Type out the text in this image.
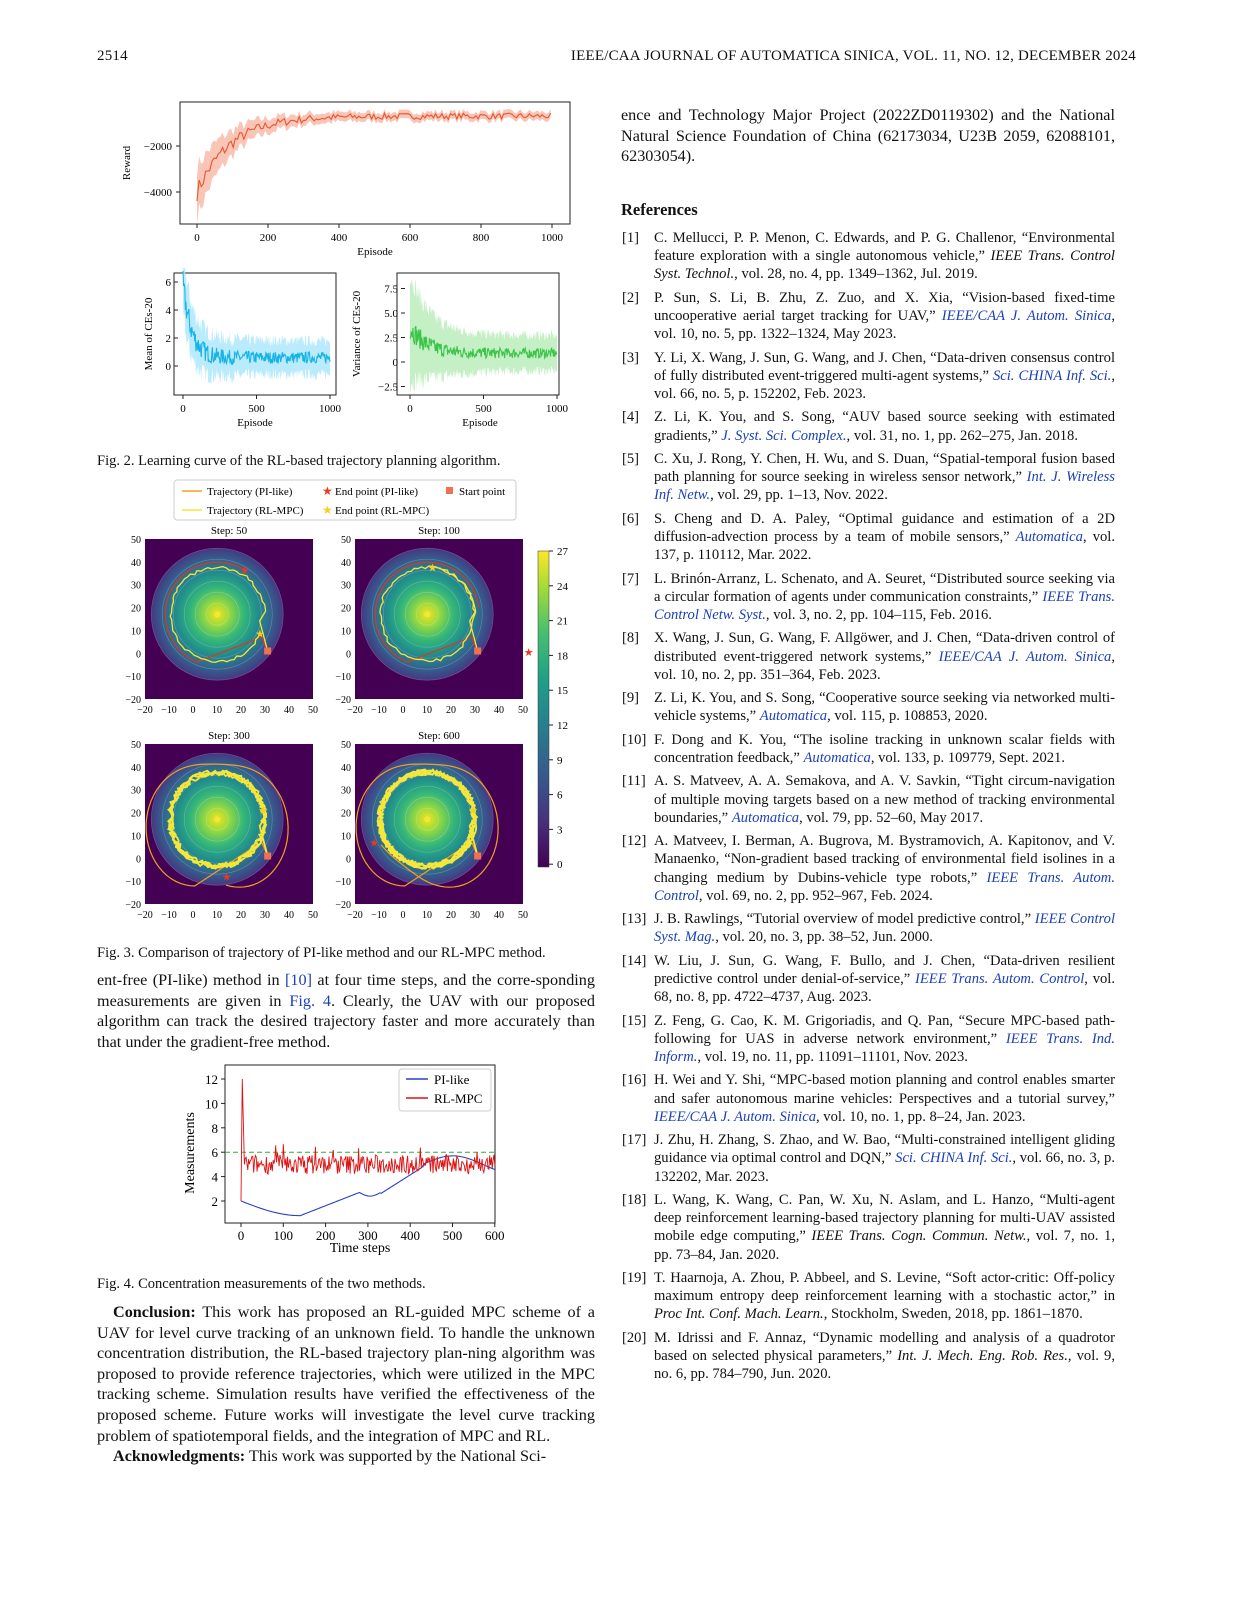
2514	IEEE/CAA JOURNAL OF AUTOMATICA SINICA, VOL. 11, NO. 12, DECEMBER 2024
−2000
−4000
0	200	400	600	800	1000
Episode
Reward
6
4
2
0
0	500	1000
Episode
Mean of CEs-20
7.5
5.0
2.5
0
−2.5
0	500	1000
Episode
Variance of CEs-20
Fig. 2. Learning curve of the RL-based trajectory planning algorithm.
Trajectory (PI-like)
Trajectory (RL-MPC)
★ End point (PI-like)
★ End point (RL-MPC)
Start point
Step: 50
50
40
30
20
10
0
−10
−20
−20 −10 0 10 20 30 40 50
★
★
Step: 100
50
40
30
20
10
0
−10
−20
−20 −10 0 10 20 30 40 50
★
★
Step: 300
50
40
30
20
10
0
−10
−20
−20 −10 0 10 20 30 40 50
★
★
Step: 600
50
40
30
20
10
0
−10
−20
−20 −10 0 10 20 30 40 50
★
★
27
24
21
18
15
12
9
6
3
0
Fig. 3. Comparison of trajectory of PI-like method and our RL-MPC method.

ent-free (PI-like) method in [10] at four time steps, and the corre-sponding measurements are given in Fig. 4. Clearly, the UAV with our proposed algorithm can track the desired trajectory faster and more accurately than that under the gradient-free method.

12
10
8
6
4
2
0 100 200 300 400 500 600
Time steps
Measurements
PI-like
RL-MPC
Fig. 4. Concentration measurements of the two methods.

Conclusion: This work has proposed an RL-guided MPC scheme of a UAV for level curve tracking of an unknown field. To handle the unknown concentration distribution, the RL-based trajectory plan-ning algorithm was proposed to provide reference trajectories, which were utilized in the MPC tracking scheme. Simulation results have verified the effectiveness of the proposed scheme. Future works will investigate the level curve tracking problem of spatiotemporal fields, and the integration of MPC and RL.

Acknowledgments: This work was supported by the National Sci-

ence and Technology Major Project (2022ZD0119302) and the National Natural Science Foundation of China (62173034, U23B 2059, 62088101, 62303054).
References
[1]	C. Mellucci, P. P. Menon, C. Edwards, and P. G. Challenor, “Environmental feature exploration with a single autonomous vehicle,” IEEE Trans. Control Syst. Technol., vol. 28, no. 4, pp. 1349–1362, Jul. 2019.
[2]	P. Sun, S. Li, B. Zhu, Z. Zuo, and X. Xia, “Vision-based fixed-time uncooperative aerial target tracking for UAV,” IEEE/CAA J. Autom. Sinica, vol. 10, no. 5, pp. 1322–1324, May 2023.
[3]	Y. Li, X. Wang, J. Sun, G. Wang, and J. Chen, “Data-driven consensus control of fully distributed event-triggered multi-agent systems,” Sci. CHINA Inf. Sci., vol. 66, no. 5, p. 152202, Feb. 2023.
[4]	Z. Li, K. You, and S. Song, “AUV based source seeking with estimated gradients,” J. Syst. Sci. Complex., vol. 31, no. 1, pp. 262–275, Jan. 2018.
[5]	C. Xu, J. Rong, Y. Chen, H. Wu, and S. Duan, “Spatial-temporal fusion based path planning for source seeking in wireless sensor network,” Int. J. Wireless Inf. Netw., vol. 29, pp. 1–13, Nov. 2022.
[6]	S. Cheng and D. A. Paley, “Optimal guidance and estimation of a 2D diffusion-advection process by a team of mobile sensors,” Automatica, vol. 137, p. 110112, Mar. 2022.
[7]	L. Brinón-Arranz, L. Schenato, and A. Seuret, “Distributed source seeking via a circular formation of agents under communication constraints,” IEEE Trans. Control Netw. Syst., vol. 3, no. 2, pp. 104–115, Feb. 2016.
[8]	X. Wang, J. Sun, G. Wang, F. Allgöwer, and J. Chen, “Data-driven control of distributed event-triggered network systems,” IEEE/CAA J. Autom. Sinica, vol. 10, no. 2, pp. 351–364, Feb. 2023.
[9]	Z. Li, K. You, and S. Song, “Cooperative source seeking via networked multi-vehicle systems,” Automatica, vol. 115, p. 108853, 2020.
[10] F. Dong and K. You, “The isoline tracking in unknown scalar fields with concentration feedback,” Automatica, vol. 133, p. 109779, Sept. 2021.
[11] A. S. Matveev, A. A. Semakova, and A. V. Savkin, “Tight circum-navigation of multiple moving targets based on a new method of tracking environmental boundaries,” Automatica, vol. 79, pp. 52–60, May 2017.
[12] A. Matveev, I. Berman, A. Bugrova, M. Bystramovich, A. Kapitonov, and V. Manaenko, “Non-gradient based tracking of environmental field isolines in a changing medium by Dubins-vehicle type robots,” IEEE Trans. Autom. Control, vol. 69, no. 2, pp. 952–967, Feb. 2024.
[13] J. B. Rawlings, “Tutorial overview of model predictive control,” IEEE Control Syst. Mag., vol. 20, no. 3, pp. 38–52, Jun. 2000.
[14] W. Liu, J. Sun, G. Wang, F. Bullo, and J. Chen, “Data-driven resilient predictive control under denial-of-service,” IEEE Trans. Autom. Control, vol. 68, no. 8, pp. 4722–4737, Aug. 2023.
[15] Z. Feng, G. Cao, K. M. Grigoriadis, and Q. Pan, “Secure MPC-based path-following for UAS in adverse network environment,” IEEE Trans. Ind. Inform., vol. 19, no. 11, pp. 11091–11101, Nov. 2023.
[16] H. Wei and Y. Shi, “MPC-based motion planning and control enables smarter and safer autonomous marine vehicles: Perspectives and a tutorial survey,” IEEE/CAA J. Autom. Sinica, vol. 10, no. 1, pp. 8–24, Jan. 2023.
[17] J. Zhu, H. Zhang, S. Zhao, and W. Bao, “Multi-constrained intelligent gliding guidance via optimal control and DQN,” Sci. CHINA Inf. Sci., vol. 66, no. 3, p. 132202, Mar. 2023.
[18] L. Wang, K. Wang, C. Pan, W. Xu, N. Aslam, and L. Hanzo, “Multi-agent deep reinforcement learning-based trajectory planning for multi-UAV assisted mobile edge computing,” IEEE Trans. Cogn. Commun. Netw., vol. 7, no. 1, pp. 73–84, Jan. 2020.
[19] T. Haarnoja, A. Zhou, P. Abbeel, and S. Levine, “Soft actor-critic: Off-policy maximum entropy deep reinforcement learning with a stochastic actor,” in Proc Int. Conf. Mach. Learn., Stockholm, Sweden, 2018, pp. 1861–1870.
[20] M. Idrissi and F. Annaz, “Dynamic modelling and analysis of a quadrotor based on selected physical parameters,” Int. J. Mech. Eng. Rob. Res., vol. 9, no. 6, pp. 784–790, Jun. 2020.
